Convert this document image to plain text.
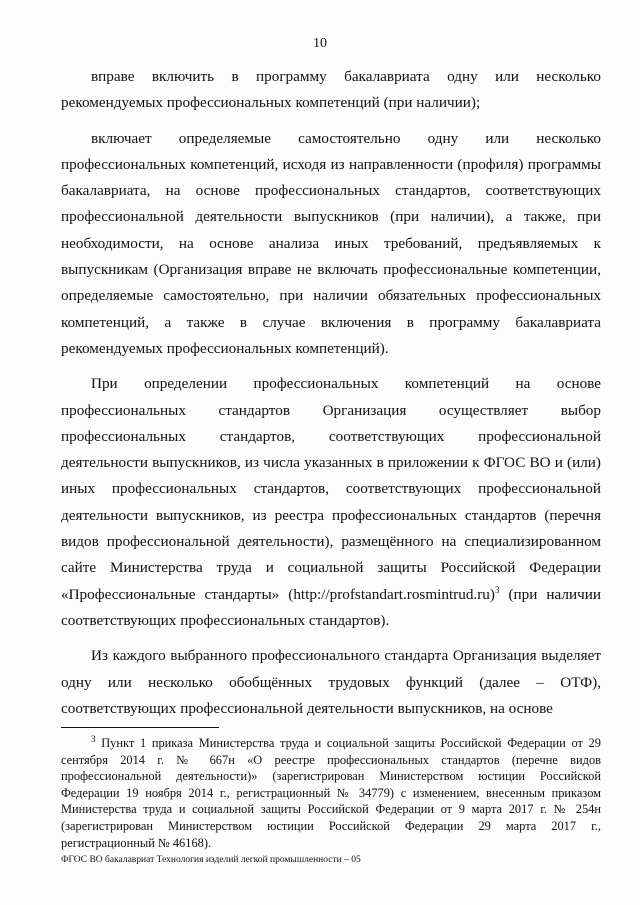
10

вправе включить в программу бакалавриата одну или несколько рекомендуемых профессиональных компетенций (при наличии);

включает определяемые самостоятельно одну или несколько профессиональных компетенций, исходя из направленности (профиля) программы бакалавриата, на основе профессиональных стандартов, соответствующих профессиональной деятельности выпускников (при наличии), а также, при необходимости, на основе анализа иных требований, предъявляемых к выпускникам (Организация вправе не включать профессиональные компетенции, определяемые самостоятельно, при наличии обязательных профессиональных компетенций, а также в случае включения в программу бакалавриата рекомендуемых профессиональных компетенций).

При определении профессиональных компетенций на основе профессиональных стандартов Организация осуществляет выбор профессиональных стандартов, соответствующих профессиональной деятельности выпускников, из числа указанных в приложении к ФГОС ВО и (или) иных профессиональных стандартов, соответствующих профессиональной деятельности выпускников, из реестра профессиональных стандартов (перечня видов профессиональной деятельности), размещённого на специализированном сайте Министерства труда и социальной защиты Российской Федерации «Профессиональные стандарты» (http://profstandart.rosmintrud.ru)$^3$ (при наличии соответствующих профессиональных стандартов).

Из каждого выбранного профессионального стандарта Организация выделяет одну или несколько обобщённых трудовых функций (далее – ОТФ), соответствующих профессиональной деятельности выпускников, на основе

$^3$ Пункт 1 приказа Министерства труда и социальной защиты Российской Федерации от 29 сентября 2014 г. № 667н «О реестре профессиональных стандартов (перечне видов профессиональной деятельности)» (зарегистрирован Министерством юстиции Российской Федерации 19 ноября 2014 г., регистрационный № 34779) с изменением, внесенным приказом Министерства труда и социальной защиты Российской Федерации от 9 марта 2017 г. № 254н (зарегистрирован Министерством юстиции Российской Федерации 29 марта 2017 г., регистрационный № 46168).

ФГОС ВО бакалавриат Технология изделий легкой промышленности – 05
